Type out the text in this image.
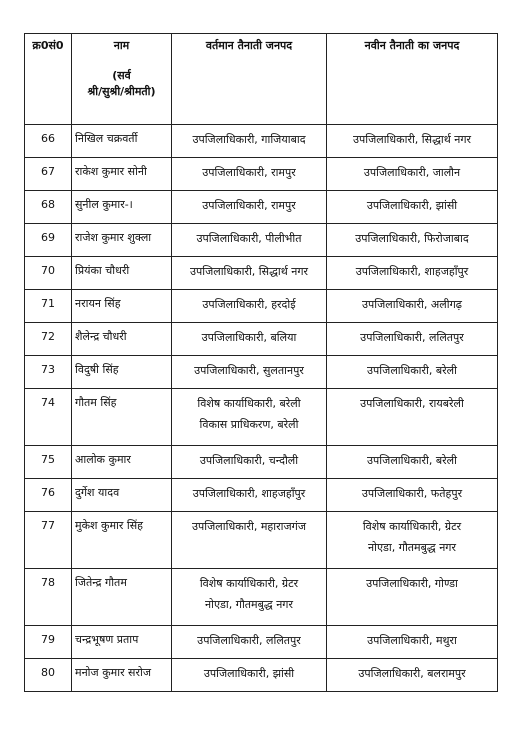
क्र0सं0	नाम
(सर्व
श्री/सुश्री/श्रीमती)	वर्तमान तैनाती जनपद	नवीन तैनाती का जनपद

66	निखिल चक्रवर्ती	उपजिलाधिकारी, गाजियाबाद	उपजिलाधिकारी, सिद्धार्थ नगर

67	राकेश कुमार सोनी	उपजिलाधिकारी, रामपुर	उपजिलाधिकारी, जालौन

68	सुनील कुमार-।	उपजिलाधिकारी, रामपुर	उपजिलाधिकारी, झांसी

69	राजेश कुमार शुक्ला	उपजिलाधिकारी, पीलीभीत	उपजिलाधिकारी, फिरोजाबाद

70	प्रियंका चौधरी	उपजिलाधिकारी, सिद्धार्थ नगर	उपजिलाधिकारी, शाहजहाँपुर

71	नरायन सिंह	उपजिलाधिकारी, हरदोई	उपजिलाधिकारी, अलीगढ़

72	शैलेन्द्र चौधरी	उपजिलाधिकारी, बलिया	उपजिलाधिकारी, ललितपुर

73	विदुषी सिंह	उपजिलाधिकारी, सुलतानपुर	उपजिलाधिकारी, बरेली

74	गौतम सिंह	विशेष कार्याधिकारी, बरेली
विकास प्राधिकरण, बरेली	उपजिलाधिकारी, रायबरेली

75	आलोक कुमार	उपजिलाधिकारी, चन्दौली	उपजिलाधिकारी, बरेली

76	दुर्गेश यादव	उपजिलाधिकारी, शाहजहाँपुर	उपजिलाधिकारी, फतेहपुर

77	मुकेश कुमार सिंह	उपजिलाधिकारी, महाराजगंज	विशेष कार्याधिकारी, ग्रेटर
नोएडा, गौतमबुद्ध नगर

78	जितेन्द्र गौतम	विशेष कार्याधिकारी, ग्रेटर
नोएडा, गौतमबुद्ध नगर	उपजिलाधिकारी, गोण्डा

79	चन्द्रभूषण प्रताप	उपजिलाधिकारी, ललितपुर	उपजिलाधिकारी, मथुरा

80	मनोज कुमार सरोज	उपजिलाधिकारी, झांसी	उपजिलाधिकारी, बलरामपुर
